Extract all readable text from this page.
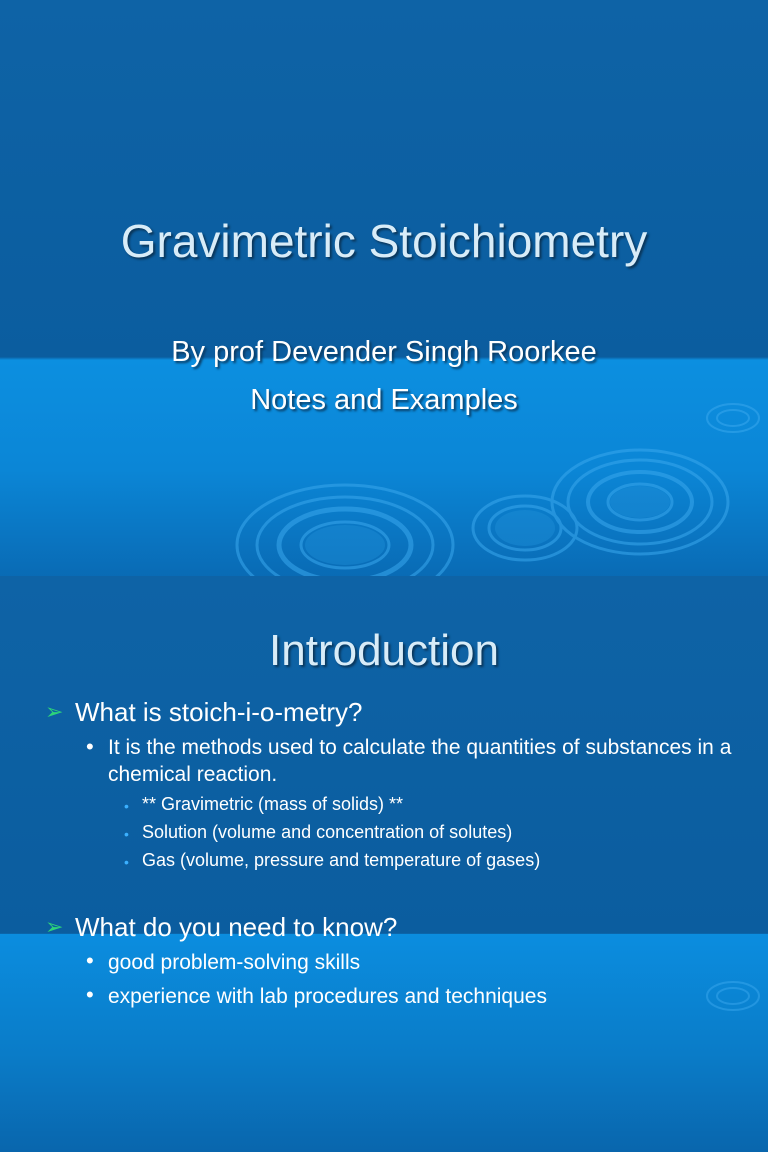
Gravimetric Stoichiometry
By prof Devender Singh Roorkee
Notes and Examples
Introduction
➢ What is stoich-i-o-metry?
• It is the methods used to calculate the quantities of substances in a chemical reaction.
• ** Gravimetric (mass of solids) **
• Solution (volume and concentration of solutes)
• Gas (volume, pressure and temperature of gases)
➢ What do you need to know?
• good problem-solving skills
• experience with lab procedures and techniques
